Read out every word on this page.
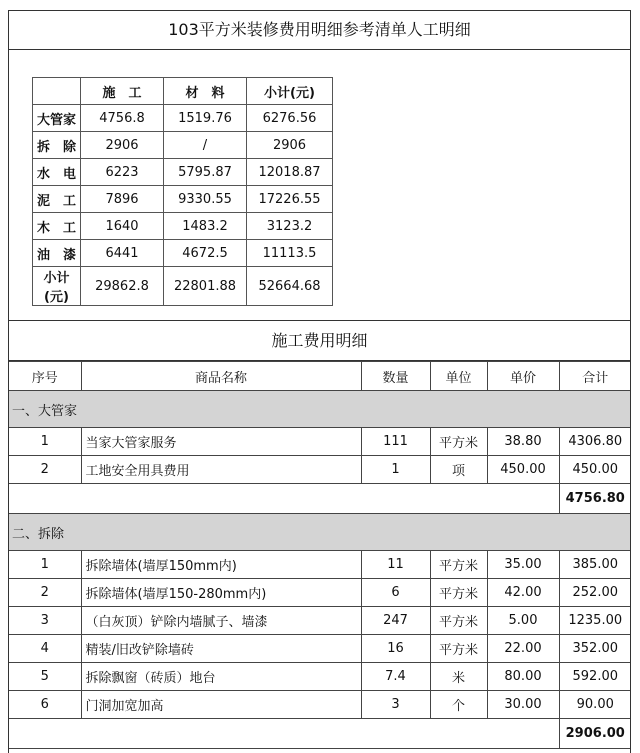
103平方米装修费用明细参考清单人工明细
	施　工	材　料	小计(元)
大管家	4756.8	1519.76	6276.56
拆　除	2906	/	2906
水　电	6223	5795.87	12018.87
泥　工	7896	9330.55	17226.55
木　工	1640	1483.2	3123.2
油　漆	6441	4672.5	11113.5
小计(元)	29862.8	22801.88	52664.68
施工费用明细
序号	商品名称	数量	单位	单价	合计
一、大管家					
1	当家大管家服务	111	平方米	38.80	4306.80
2	工地安全用具费用	1	项	450.00	450.00
					4756.80
二、拆除					
1	拆除墙体(墙厚150mm内)	11	平方米	35.00	385.00
2	拆除墙体(墙厚150-280mm内)	6	平方米	42.00	252.00
3	（白灰顶）铲除内墙腻子、墙漆	247	平方米	5.00	1235.00
4	精装/旧改铲除墙砖	16	平方米	22.00	352.00
5	拆除飘窗（砖质）地台	7.4	米	80.00	592.00
6	门洞加宽加高	3	个	30.00	90.00
					2906.00
